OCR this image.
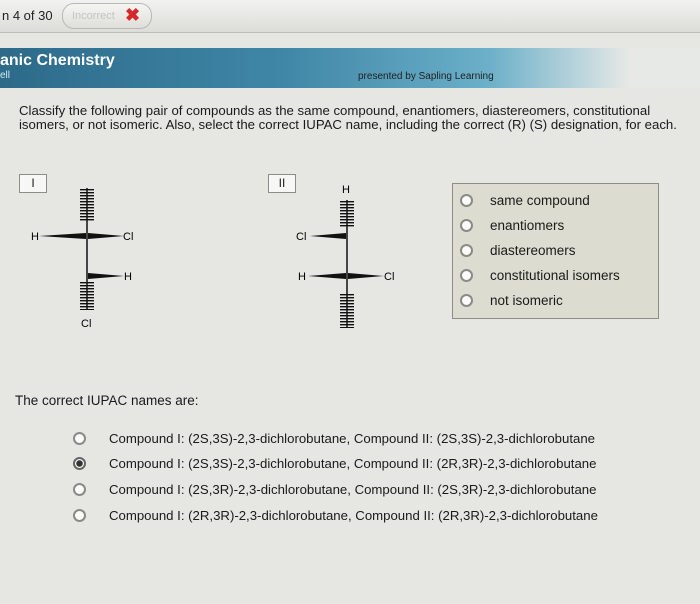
n 4 of 30 Incorrect ✖
anic Chemistry
ell	presented by Sapling Learning
Classify the following pair of compounds as the same compound, enantiomers, diastereomers, constitutional isomers, or not isomeric. Also, select the correct IUPAC name, including the correct (R) (S) designation, for each.
I	II
H	Cl
H
Cl
H
Cl
H	Cl
same compound
enantiomers
diastereomers
constitutional isomers
not isomeric
The correct IUPAC names are:
Compound I: (2S,3S)-2,3-dichlorobutane, Compound II: (2S,3S)-2,3-dichlorobutane
Compound I: (2S,3S)-2,3-dichlorobutane, Compound II: (2R,3R)-2,3-dichlorobutane
Compound I: (2S,3R)-2,3-dichlorobutane, Compound II: (2S,3R)-2,3-dichlorobutane
Compound I: (2R,3R)-2,3-dichlorobutane, Compound II: (2R,3R)-2,3-dichlorobutane
